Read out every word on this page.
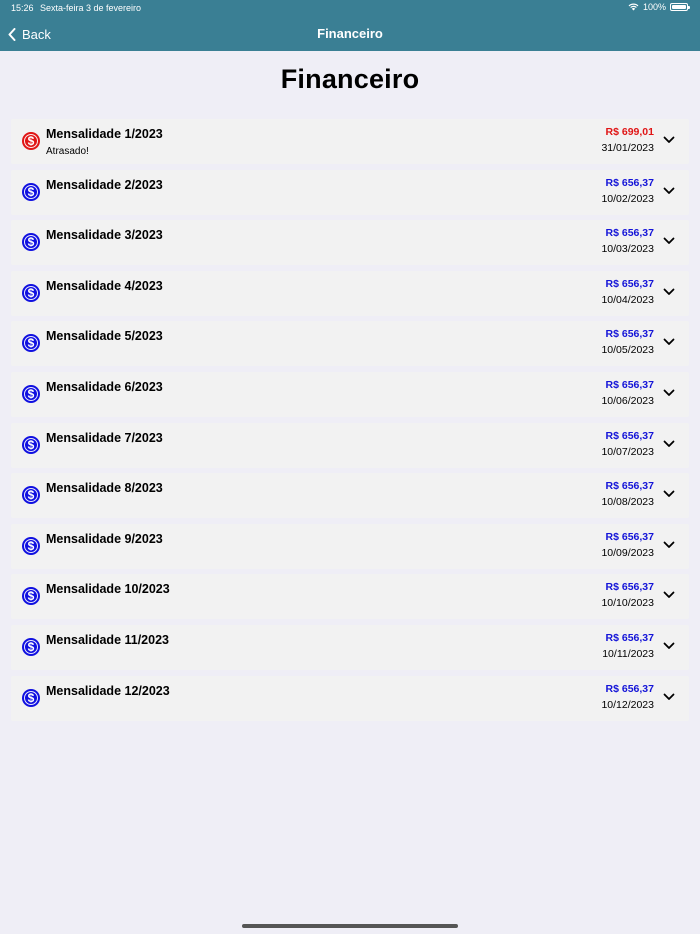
15:26 Sexta-feira 3 de fevereiro	100%
Back	Financeiro
Financeiro
$ Mensalidade 1/2023
Atrasado!
R$ 699,01
31/01/2023
$ Mensalidade 2/2023	R$ 656,37
10/02/2023
$ Mensalidade 3/2023	R$ 656,37
10/03/2023
$ Mensalidade 4/2023	R$ 656,37
10/04/2023
$ Mensalidade 5/2023	R$ 656,37
10/05/2023
$ Mensalidade 6/2023	R$ 656,37
10/06/2023
$ Mensalidade 7/2023	R$ 656,37
10/07/2023
$ Mensalidade 8/2023	R$ 656,37
10/08/2023
$ Mensalidade 9/2023	R$ 656,37
10/09/2023
$ Mensalidade 10/2023	R$ 656,37
10/10/2023
$ Mensalidade 11/2023	R$ 656,37
10/11/2023
$ Mensalidade 12/2023	R$ 656,37
10/12/2023
